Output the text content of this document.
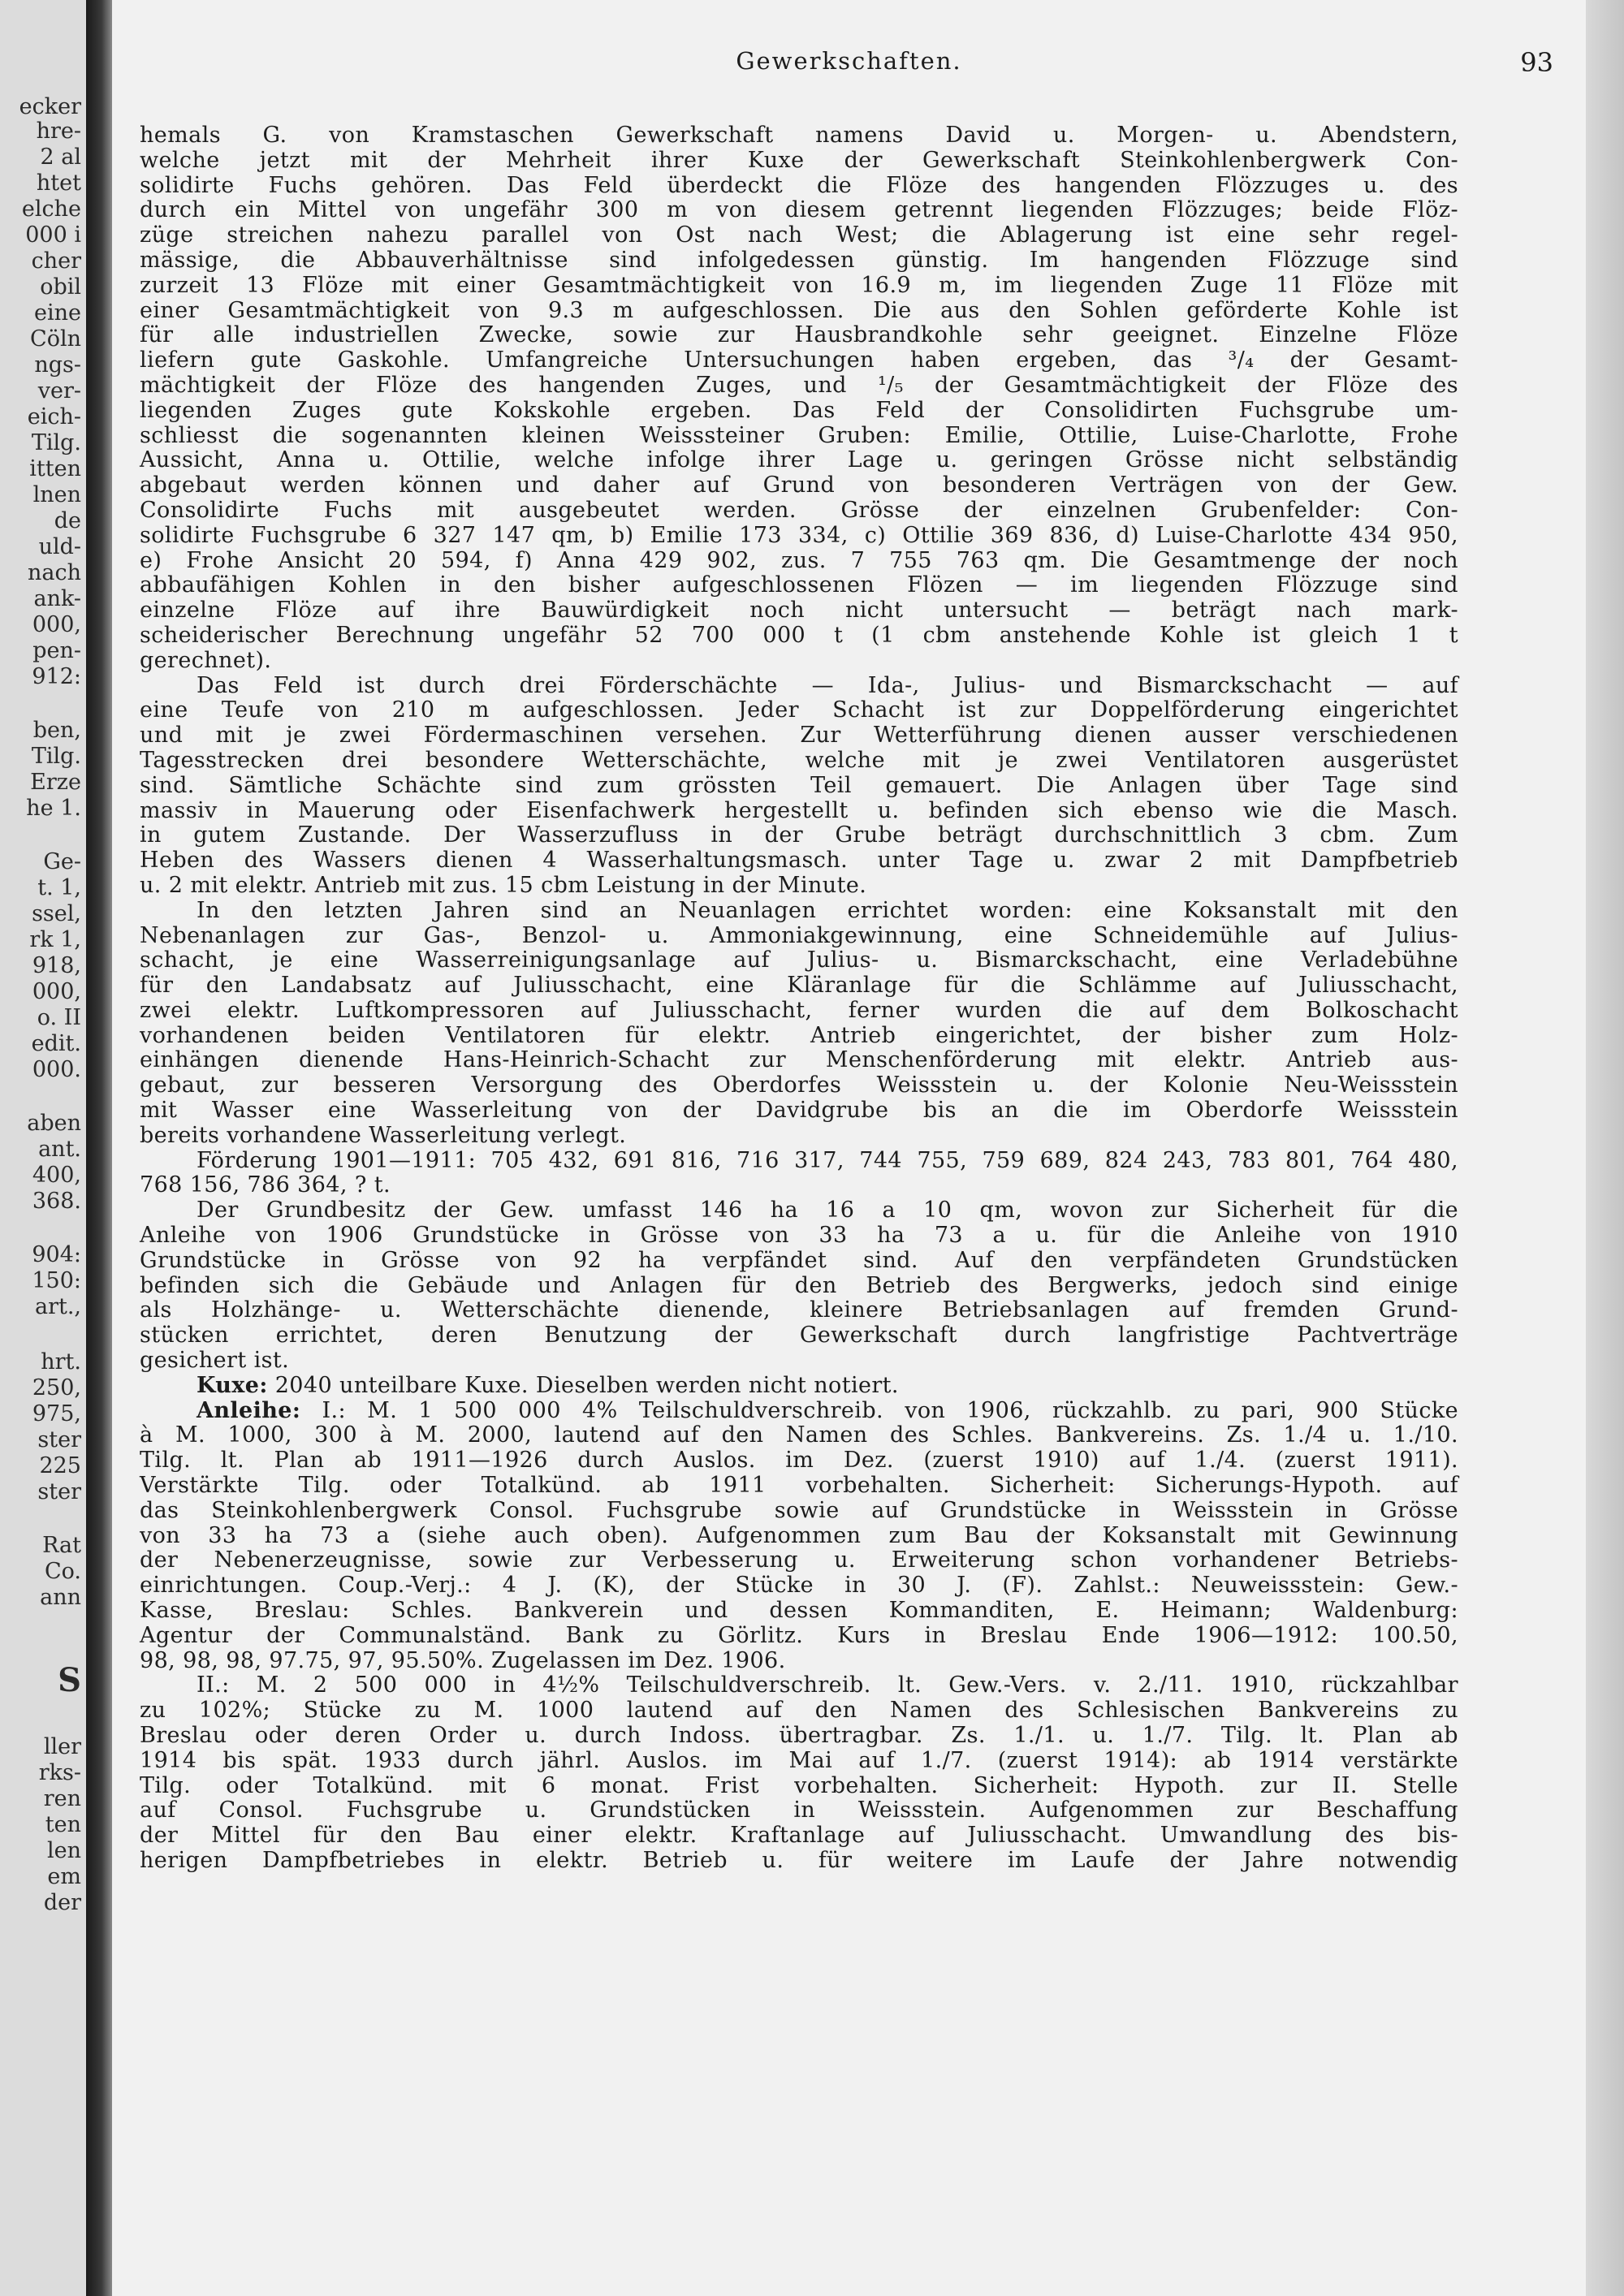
ecker
hre-
2 al
htet
elche
000 i
cher
obil
eine
Cöln
ngs-
ver-
eich-
Tilg.
itten
lnen
de
uld-
nach
ank-
000,
pen-
912:
ben,
Tilg.
Erze
he 1.
Ge-
t. 1,
ssel,
rk 1,
918,
000,
o. II
edit.
000.
aben
ant.
400,
368.
904:
150:
art.,
hrt.
250,
975,
ster
225
ster
Rat
Co.
ann
S
ller
rks-
ren
ten
len
em
der
Gewerkschaften.	93
hemals G. von Kramstaschen Gewerkschaft namens David u. Morgen- u. Abendstern,
welche jetzt mit der Mehrheit ihrer Kuxe der Gewerkschaft Steinkohlenbergwerk Con-
solidirte Fuchs gehören. Das Feld überdeckt die Flöze des hangenden Flözzuges u. des
durch ein Mittel von ungefähr 300 m von diesem getrennt liegenden Flözzuges; beide Flöz-
züge streichen nahezu parallel von Ost nach West; die Ablagerung ist eine sehr regel-
mässige, die Abbauverhältnisse sind infolgedessen günstig. Im hangenden Flözzuge sind
zurzeit 13 Flöze mit einer Gesamtmächtigkeit von 16.9 m, im liegenden Zuge 11 Flöze mit
einer Gesamtmächtigkeit von 9.3 m aufgeschlossen. Die aus den Sohlen geförderte Kohle ist
für alle industriellen Zwecke, sowie zur Hausbrandkohle sehr geeignet. Einzelne Flöze
liefern gute Gaskohle. Umfangreiche Untersuchungen haben ergeben, das ³/₄ der Gesamt-
mächtigkeit der Flöze des hangenden Zuges, und ¹/₅ der Gesamtmächtigkeit der Flöze des
liegenden Zuges gute Kokskohle ergeben. Das Feld der Consolidirten Fuchsgrube um-
schliesst die sogenannten kleinen Weisssteiner Gruben: Emilie, Ottilie, Luise-Charlotte, Frohe
Aussicht, Anna u. Ottilie, welche infolge ihrer Lage u. geringen Grösse nicht selbständig
abgebaut werden können und daher auf Grund von besonderen Verträgen von der Gew.
Consolidirte Fuchs mit ausgebeutet werden. Grösse der einzelnen Grubenfelder: Con-
solidirte Fuchsgrube 6 327 147 qm, b) Emilie 173 334, c) Ottilie 369 836, d) Luise-Charlotte 434 950,
e) Frohe Ansicht 20 594, f) Anna 429 902, zus. 7 755 763 qm. Die Gesamtmenge der noch
abbaufähigen Kohlen in den bisher aufgeschlossenen Flözen — im liegenden Flözzuge sind
einzelne Flöze auf ihre Bauwürdigkeit noch nicht untersucht — beträgt nach mark-
scheiderischer Berechnung ungefähr 52 700 000 t (1 cbm anstehende Kohle ist gleich 1 t
gerechnet).
Das Feld ist durch drei Förderschächte — Ida-, Julius- und Bismarckschacht — auf
eine Teufe von 210 m aufgeschlossen. Jeder Schacht ist zur Doppelförderung eingerichtet
und mit je zwei Fördermaschinen versehen. Zur Wetterführung dienen ausser verschiedenen
Tagesstrecken drei besondere Wetterschächte, welche mit je zwei Ventilatoren ausgerüstet
sind. Sämtliche Schächte sind zum grössten Teil gemauert. Die Anlagen über Tage sind
massiv in Mauerung oder Eisenfachwerk hergestellt u. befinden sich ebenso wie die Masch.
in gutem Zustande. Der Wasserzufluss in der Grube beträgt durchschnittlich 3 cbm. Zum
Heben des Wassers dienen 4 Wasserhaltungsmasch. unter Tage u. zwar 2 mit Dampfbetrieb
u. 2 mit elektr. Antrieb mit zus. 15 cbm Leistung in der Minute.
In den letzten Jahren sind an Neuanlagen errichtet worden: eine Koksanstalt mit den
Nebenanlagen zur Gas-, Benzol- u. Ammoniakgewinnung, eine Schneidemühle auf Julius-
schacht, je eine Wasserreinigungsanlage auf Julius- u. Bismarckschacht, eine Verladebühne
für den Landabsatz auf Juliusschacht, eine Kläranlage für die Schlämme auf Juliusschacht,
zwei elektr. Luftkompressoren auf Juliusschacht, ferner wurden die auf dem Bolkoschacht
vorhandenen beiden Ventilatoren für elektr. Antrieb eingerichtet, der bisher zum Holz-
einhängen dienende Hans-Heinrich-Schacht zur Menschenförderung mit elektr. Antrieb aus-
gebaut, zur besseren Versorgung des Oberdorfes Weissstein u. der Kolonie Neu-Weissstein
mit Wasser eine Wasserleitung von der Davidgrube bis an die im Oberdorfe Weissstein
bereits vorhandene Wasserleitung verlegt.
Förderung 1901—1911: 705 432, 691 816, 716 317, 744 755, 759 689, 824 243, 783 801, 764 480,
768 156, 786 364, ? t.
Der Grundbesitz der Gew. umfasst 146 ha 16 a 10 qm, wovon zur Sicherheit für die
Anleihe von 1906 Grundstücke in Grösse von 33 ha 73 a u. für die Anleihe von 1910
Grundstücke in Grösse von 92 ha verpfändet sind. Auf den verpfändeten Grundstücken
befinden sich die Gebäude und Anlagen für den Betrieb des Bergwerks, jedoch sind einige
als Holzhänge- u. Wetterschächte dienende, kleinere Betriebsanlagen auf fremden Grund-
stücken errichtet, deren Benutzung der Gewerkschaft durch langfristige Pachtverträge
gesichert ist.
Kuxe: 2040 unteilbare Kuxe. Dieselben werden nicht notiert.
Anleihe: I.: M. 1 500 000 4% Teilschuldverschreib. von 1906, rückzahlb. zu pari, 900 Stücke
à M. 1000, 300 à M. 2000, lautend auf den Namen des Schles. Bankvereins. Zs. 1./4 u. 1./10.
Tilg. lt. Plan ab 1911—1926 durch Auslos. im Dez. (zuerst 1910) auf 1./4. (zuerst 1911).
Verstärkte Tilg. oder Totalkünd. ab 1911 vorbehalten. Sicherheit: Sicherungs-Hypoth. auf
das Steinkohlenbergwerk Consol. Fuchsgrube sowie auf Grundstücke in Weissstein in Grösse
von 33 ha 73 a (siehe auch oben). Aufgenommen zum Bau der Koksanstalt mit Gewinnung
der Nebenerzeugnisse, sowie zur Verbesserung u. Erweiterung schon vorhandener Betriebs-
einrichtungen. Coup.-Verj.: 4 J. (K), der Stücke in 30 J. (F). Zahlst.: Neuweissstein: Gew.-
Kasse, Breslau: Schles. Bankverein und dessen Kommanditen, E. Heimann; Waldenburg:
Agentur der Communalständ. Bank zu Görlitz. Kurs in Breslau Ende 1906—1912: 100.50,
98, 98, 98, 97.75, 97, 95.50%. Zugelassen im Dez. 1906.
II.: M. 2 500 000 in 4½% Teilschuldverschreib. lt. Gew.-Vers. v. 2./11. 1910, rückzahlbar
zu 102%; Stücke zu M. 1000 lautend auf den Namen des Schlesischen Bankvereins zu
Breslau oder deren Order u. durch Indoss. übertragbar. Zs. 1./1. u. 1./7. Tilg. lt. Plan ab
1914 bis spät. 1933 durch jährl. Auslos. im Mai auf 1./7. (zuerst 1914): ab 1914 verstärkte
Tilg. oder Totalkünd. mit 6 monat. Frist vorbehalten. Sicherheit: Hypoth. zur II. Stelle
auf Consol. Fuchsgrube u. Grundstücken in Weissstein. Aufgenommen zur Beschaffung
der Mittel für den Bau einer elektr. Kraftanlage auf Juliusschacht. Umwandlung des bis-
herigen Dampfbetriebes in elektr. Betrieb u. für weitere im Laufe der Jahre notwendig
